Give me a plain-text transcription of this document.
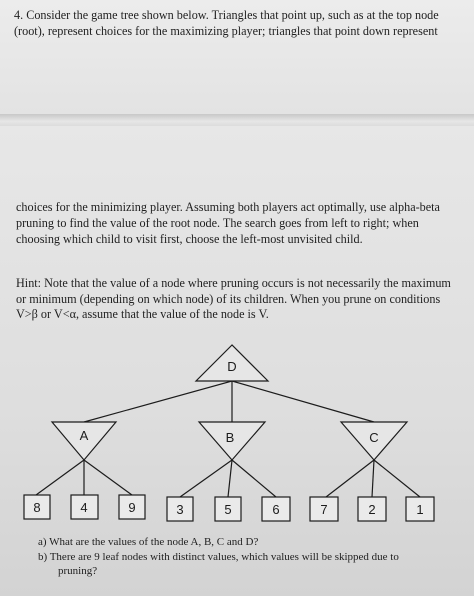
4. Consider the game tree shown below. Triangles that point up, such as at the top node
(root), represent choices for the maximizing player; triangles that point down represent
choices for the minimizing player. Assuming both players act optimally, use alpha-beta
pruning to find the value of the root node. The search goes from left to right; when
choosing which child to visit first, choose the left-most unvisited child.
Hint: Note that the value of a node where pruning occurs is not necessarily the maximum
or minimum (depending on which node) of its children. When you prune on conditions
V>β or V<α, assume that the value of the node is V.
D
A	B	C
8	4	9	3	5	6	7	2	1
a) What are the values of the node A, B, C and D?
b) There are 9 leaf nodes with distinct values, which values will be skipped due to
pruning?
